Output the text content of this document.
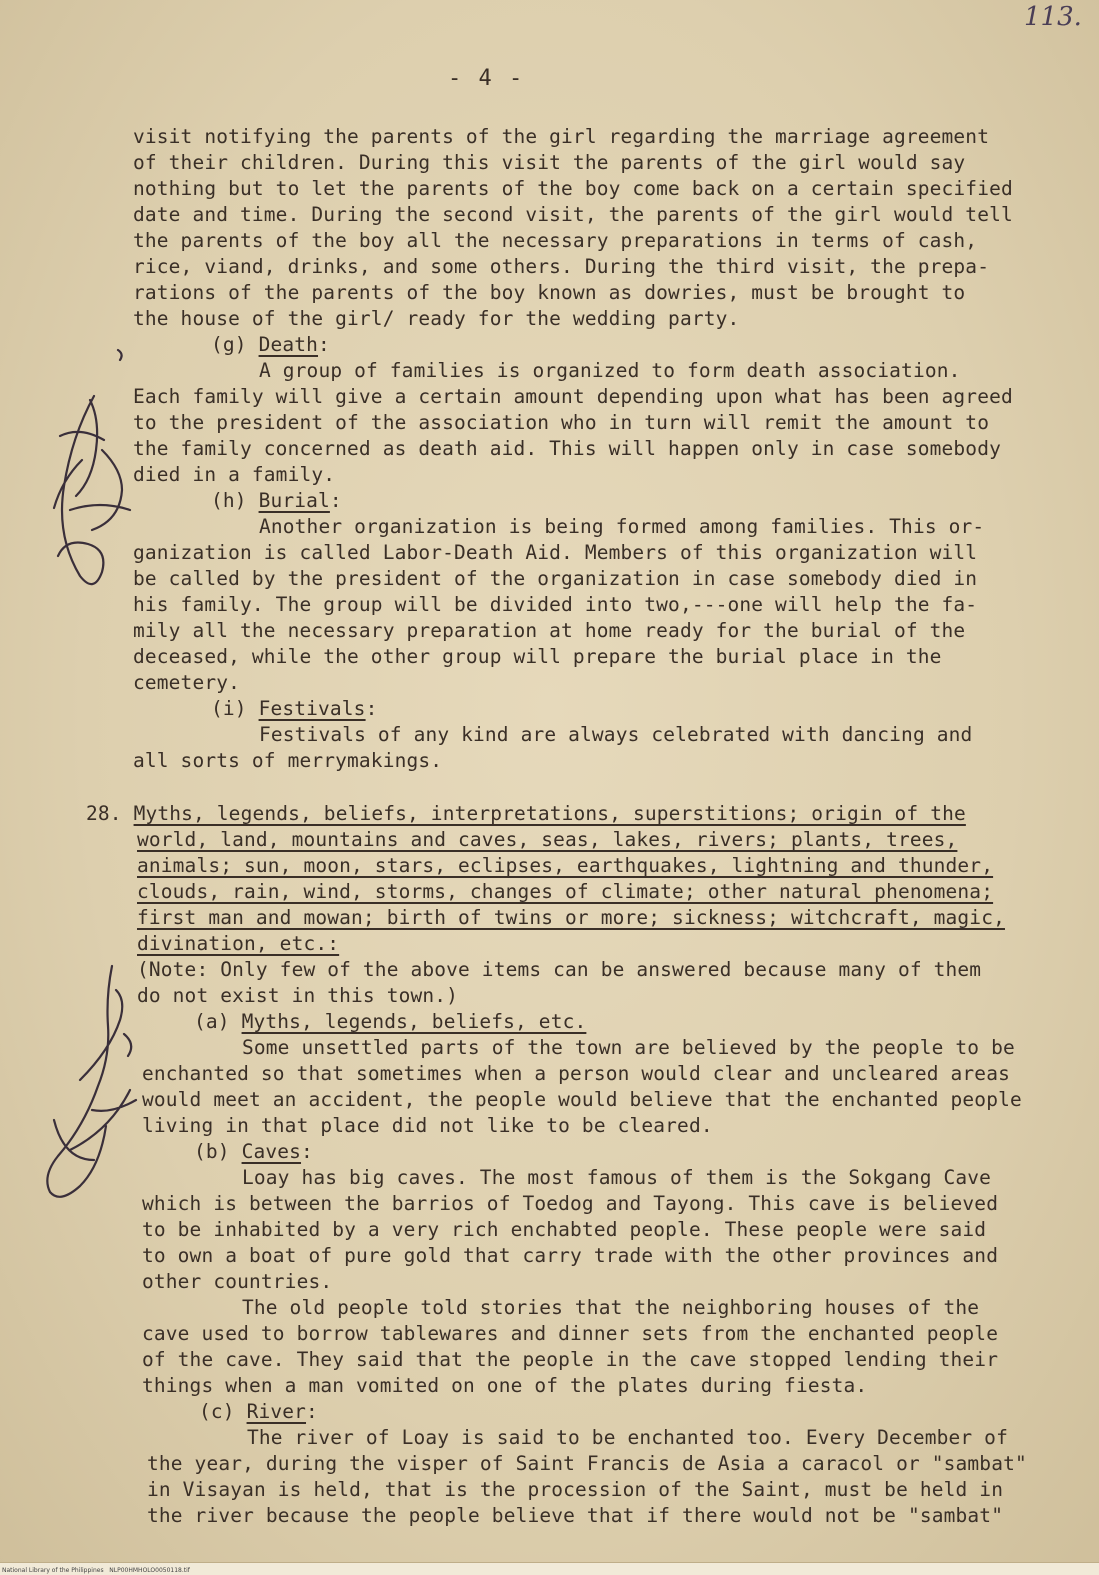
113.
- 4 -
visit notifying the parents of the girl regarding the marriage agreement
of their children. During this visit the parents of the girl would say
nothing but to let the parents of the boy come back on a certain specified
date and time. During the second visit, the parents of the girl would tell
the parents of the boy all the necessary preparations in terms of cash,
rice, viand, drinks, and some others. During the third visit, the prepa-
rations of the parents of the boy known as dowries, must be brought to
the house of the girl/ ready for the wedding party.
(g) Death:
A group of families is organized to form death association.
Each family will give a certain amount depending upon what has been agreed
to the president of the association who in turn will remit the amount to
the family concerned as death aid. This will happen only in case somebody
died in a family.
(h) Burial:
Another organization is being formed among families. This or-
ganization is called Labor-Death Aid. Members of this organization will
be called by the president of the organization in case somebody died in
his family. The group will be divided into two,---one will help the fa-
mily all the necessary preparation at home ready for the burial of the
deceased, while the other group will prepare the burial place in the
cemetery.
(i) Festivals:
Festivals of any kind are always celebrated with dancing and
all sorts of merrymakings.
28. Myths, legends, beliefs, interpretations, superstitions; origin of the
world, land, mountains and caves, seas, lakes, rivers; plants, trees,
animals; sun, moon, stars, eclipses, earthquakes, lightning and thunder,
clouds, rain, wind, storms, changes of climate; other natural phenomena;
first man and mowan; birth of twins or more; sickness; witchcraft, magic,
divination, etc.:
(Note: Only few of the above items can be answered because many of them
do not exist in this town.)
(a) Myths, legends, beliefs, etc.
Some unsettled parts of the town are believed by the people to be
enchanted so that sometimes when a person would clear and uncleared areas
would meet an accident, the people would believe that the enchanted people
living in that place did not like to be cleared.
(b) Caves:
Loay has big caves. The most famous of them is the Sokgang Cave
which is between the barrios of Toedog and Tayong. This cave is believed
to be inhabited by a very rich enchabted people. These people were said
to own a boat of pure gold that carry trade with the other provinces and
other countries.
The old people told stories that the neighboring houses of the
cave used to borrow tablewares and dinner sets from the enchanted people
of the cave. They said that the people in the cave stopped lending their
things when a man vomited on one of the plates during fiesta.
(c) River:
The river of Loay is said to be enchanted too. Every December of
the year, during the visper of Saint Francis de Asia a caracol or "sambat"
in Visayan is held, that is the procession of the Saint, must be held in
the river because the people believe that if there would not be "sambat"
National Library of the Philippines   NLP00HMHOLO0050118.tif
